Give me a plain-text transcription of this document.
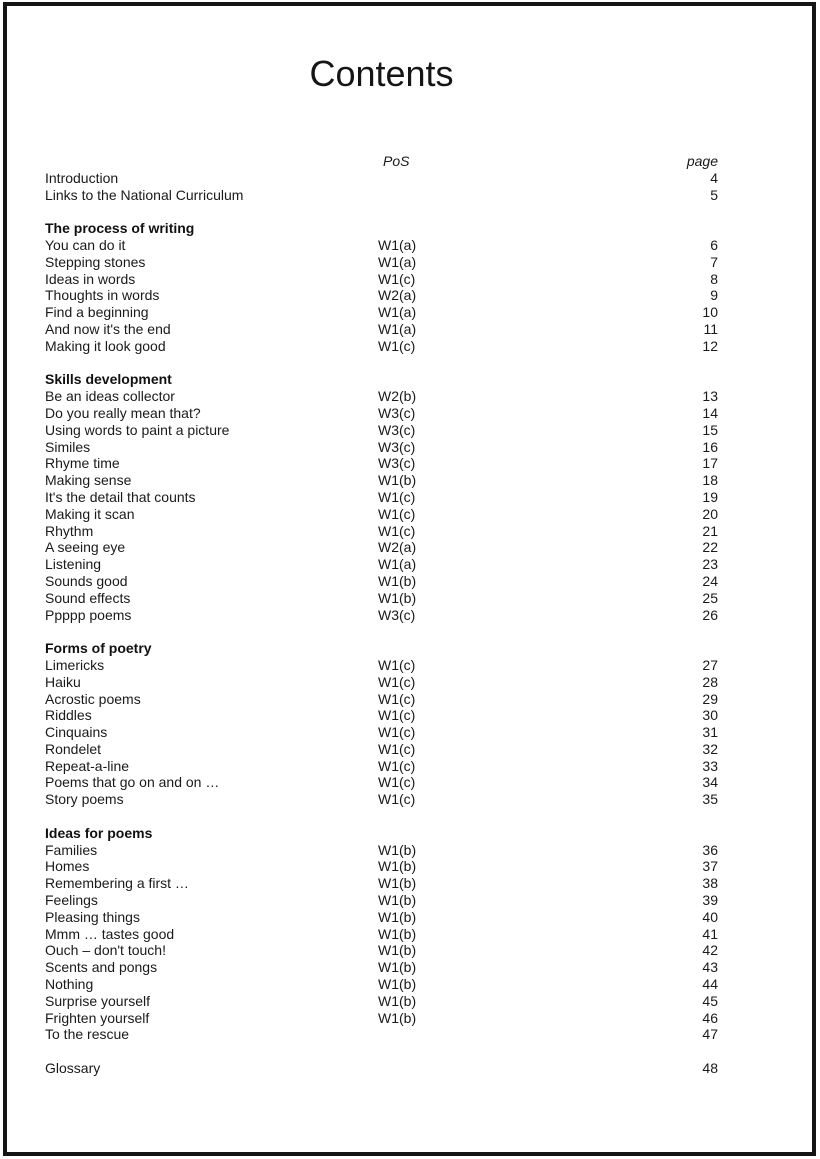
Contents
PoS	page
Introduction	4
Links to the National Curriculum	5
The process of writing
You can do it	W1(a)	6
Stepping stones	W1(a)	7
Ideas in words	W1(c)	8
Thoughts in words	W2(a)	9
Find a beginning	W1(a)	10
And now it's the end	W1(a)	11
Making it look good	W1(c)	12
Skills development
Be an ideas collector	W2(b)	13
Do you really mean that?	W3(c)	14
Using words to paint a picture	W3(c)	15
Similes	W3(c)	16
Rhyme time	W3(c)	17
Making sense	W1(b)	18
It's the detail that counts	W1(c)	19
Making it scan	W1(c)	20
Rhythm	W1(c)	21
A seeing eye	W2(a)	22
Listening	W1(a)	23
Sounds good	W1(b)	24
Sound effects	W1(b)	25
Ppppp poems	W3(c)	26
Forms of poetry
Limericks	W1(c)	27
Haiku	W1(c)	28
Acrostic poems	W1(c)	29
Riddles	W1(c)	30
Cinquains	W1(c)	31
Rondelet	W1(c)	32
Repeat-a-line	W1(c)	33
Poems that go on and on …	W1(c)	34
Story poems	W1(c)	35
Ideas for poems
Families	W1(b)	36
Homes	W1(b)	37
Remembering a first …	W1(b)	38
Feelings	W1(b)	39
Pleasing things	W1(b)	40
Mmm … tastes good	W1(b)	41
Ouch – don't touch!	W1(b)	42
Scents and pongs	W1(b)	43
Nothing	W1(b)	44
Surprise yourself	W1(b)	45
Frighten yourself	W1(b)	46
To the rescue	47
Glossary	48
